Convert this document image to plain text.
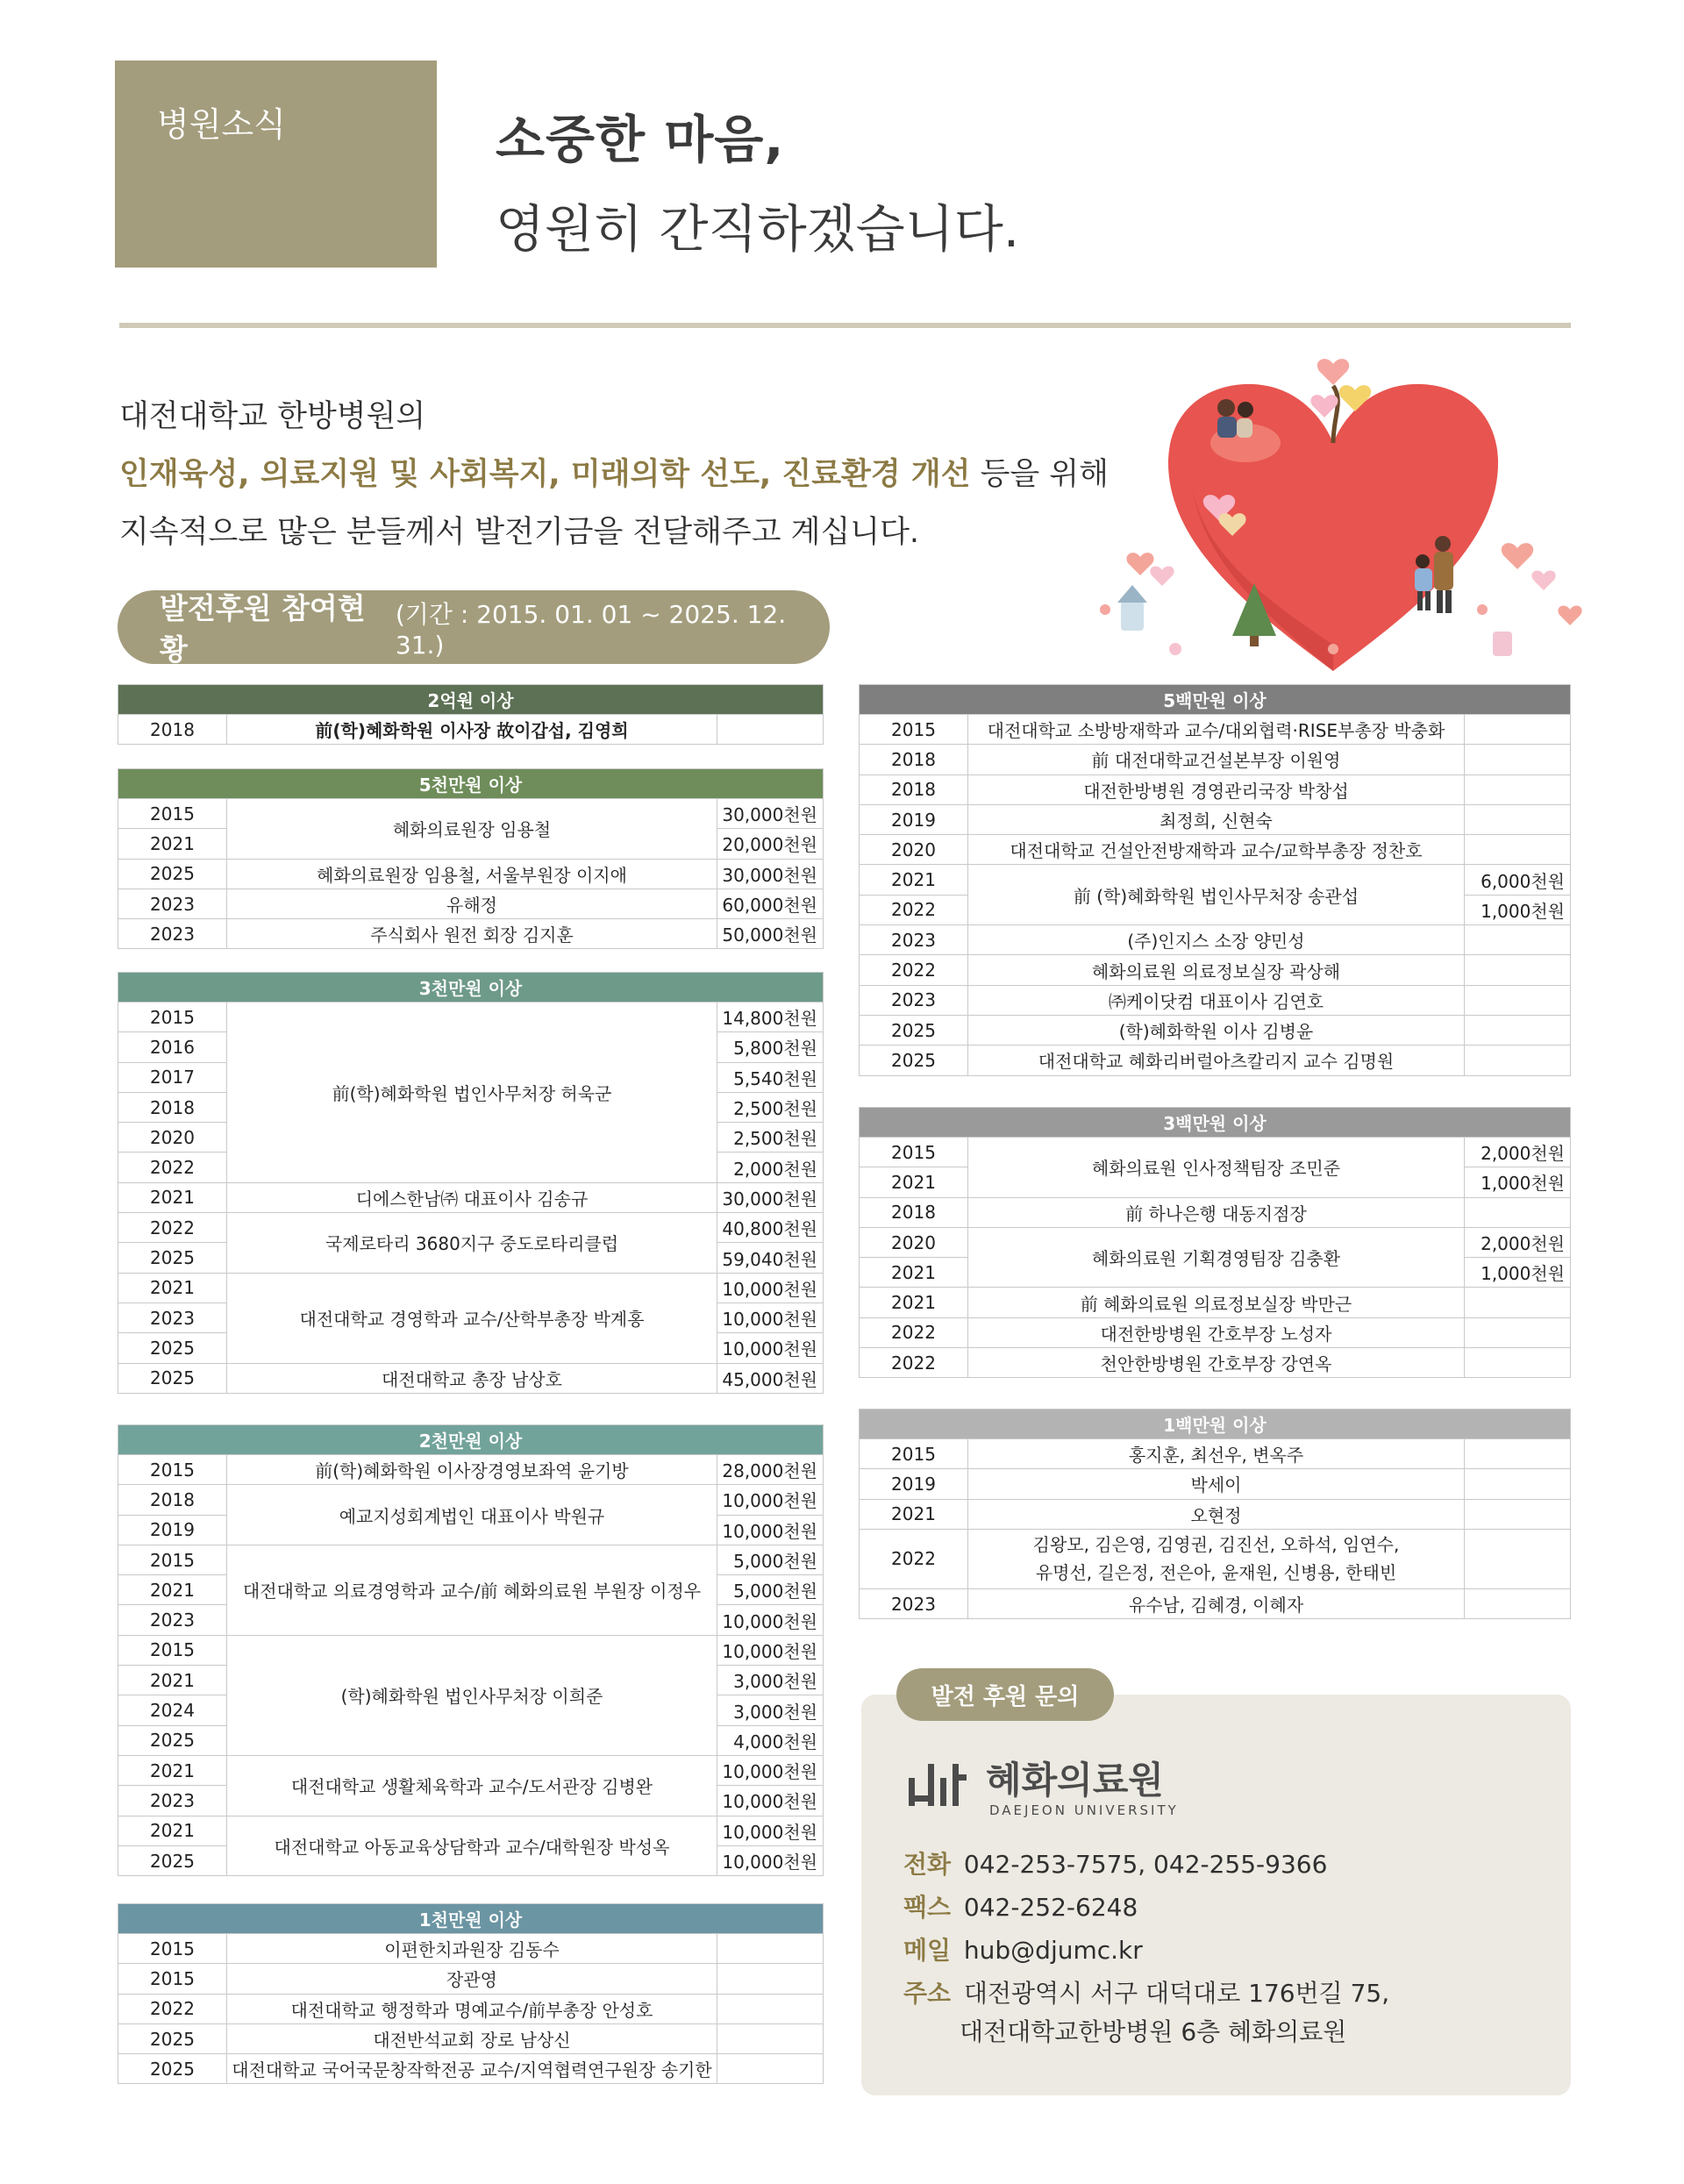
병원소식	소중한 마음,
영원히 간직하겠습니다.
대전대학교 한방병원의
인재육성, 의료지원 및 사회복지, 미래의학 선도, 진료환경 개선 등을 위해
지속적으로 많은 분들께서 발전기금을 전달해주고 계십니다.
발전후원 참여현황
(기간 : 2015. 01. 01 ~ 2025. 12. 31.)
2억원 이상
2018	前(학)혜화학원 이사장 故이갑섭, 김영희	
5천만원 이상		
2015	혜화의료원장 임용철	30,000천원
2021		20,000천원
2025	혜화의료원장 임용철, 서울부원장 이지애	30,000천원
2023	유해정	60,000천원
2023	주식회사 원전 회장 김지훈	50,000천원
3천만원 이상		
2015	前(학)혜화학원 법인사무처장 허욱군	14,800천원
2016		5,800천원
2017		5,540천원
2018		2,500천원
2020		2,500천원
2022		2,000천원
2021	디에스한남㈜ 대표이사 김송규	30,000천원
2022	국제로타리 3680지구 중도로타리클럽	40,800천원
2025		59,040천원
2021	대전대학교 경영학과 교수/산학부총장 박계홍	10,000천원
2023		10,000천원
2025		10,000천원
2025	대전대학교 총장 남상호	45,000천원
2천만원 이상		
2015	前(학)혜화학원 이사장경영보좌역 윤기방	28,000천원
2018	예교지성회계법인 대표이사 박원규	10,000천원
2019		10,000천원
2015	대전대학교 의료경영학과 교수/前 혜화의료원 부원장 이정우	5,000천원
2021		5,000천원
2023		10,000천원
2015	(학)혜화학원 법인사무처장 이희준	10,000천원
2021		3,000천원
2024		3,000천원
2025		4,000천원
2021	대전대학교 생활체육학과 교수/도서관장 김병완	10,000천원
2023		10,000천원
2021	대전대학교 아동교육상담학과 교수/대학원장 박성옥	10,000천원
2025		10,000천원
1천만원 이상		
2015	이편한치과원장 김동수	
2015	장관영	
2022	대전대학교 행정학과 명예교수/前부총장 안성호	
2025	대전반석교회 장로 남상신	
2025	대전대학교 국어국문창작학전공 교수/지역협력연구원장 송기한	
5백만원 이상		
2015	대전대학교 소방방재학과 교수/대외협력·RISE부총장 박충화	
2018	前 대전대학교건설본부장 이원영	
2018	대전한방병원 경영관리국장 박창섭	
2019	최정희, 신현숙	
2020	대전대학교 건설안전방재학과 교수/교학부총장 정찬호	
2021	前 (학)혜화학원 법인사무처장 송관섭	6,000천원
2022		1,000천원
2023	(주)인지스 소장 양민성	
2022	혜화의료원 의료정보실장 곽상해	
2023	㈜케이닷컴 대표이사 김연호	
2025	(학)혜화학원 이사 김병윤	
2025	대전대학교 혜화리버럴아츠칼리지 교수 김명원	
3백만원 이상		
2015	혜화의료원 인사정책팀장 조민준	2,000천원
2021		1,000천원
2018	前 하나은행 대동지점장	
2020	혜화의료원 기획경영팀장 김충환	2,000천원
2021		1,000천원
2021	前 혜화의료원 의료정보실장 박만근	
2022	대전한방병원 간호부장 노성자	
2022	천안한방병원 간호부장 강연옥	
1백만원 이상		
2015	홍지훈, 최선우, 변옥주	
2019	박세이	
2021	오현정	
2022	김왕모, 김은영, 김영권, 김진선, 오하석, 임연수,
유명선, 길은정, 전은아, 윤재원, 신병용, 한태빈	

2023	유수남, 김혜경, 이혜자	
발전 후원 문의
혜화의료원
DAEJEON UNIVERSITY
전화 042-253-7575, 042-255-9366
팩스 042-252-6248
메일 hub@djumc.kr
주소 대전광역시 서구 대덕대로 176번길 75,
대전대학교한방병원 6층 혜화의료원
